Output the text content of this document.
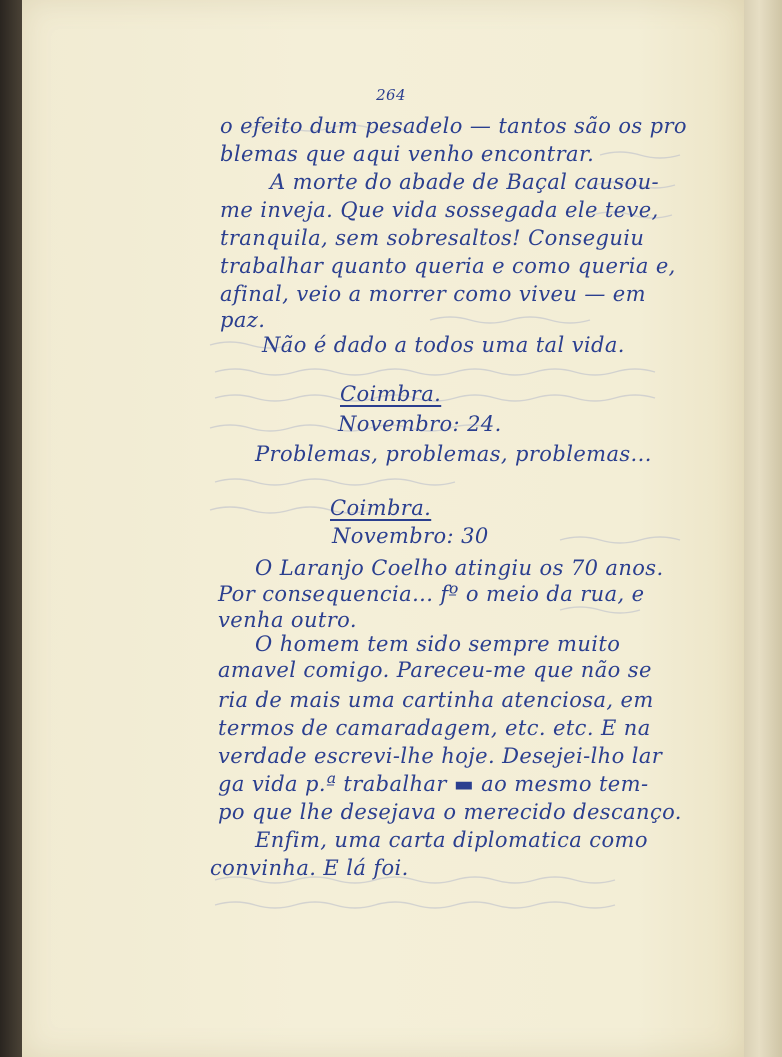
264
o efeito dum pesadelo — tantos são os pro
blemas que aqui venho encontrar.
A morte do abade de Baçal causou-
me inveja. Que vida sossegada ele teve,
tranquila, sem sobresaltos! Conseguiu
trabalhar quanto queria e como queria e,
afinal, veio a morrer como viveu — em
paz.
Não é dado a todos uma tal vida.
Coimbra.
Novembro: 24.
Problemas, problemas, problemas...
Coimbra.
Novembro: 30
O Laranjo Coelho atingiu os 70 anos.
Por consequencia... fº o meio da rua, e
venha outro.
O homem tem sido sempre muito
amavel comigo. Pareceu-me que não se
ria de mais uma cartinha atenciosa, em
termos de camaradagem, etc. etc. E na
verdade escrevi-lhe hoje. Desejei-lho lar
ga vida p.ª trabalhar ▬ ao mesmo tem-
po que lhe desejava o merecido descanço.
Enfim, uma carta diplomatica como
convinha. E lá foi.
